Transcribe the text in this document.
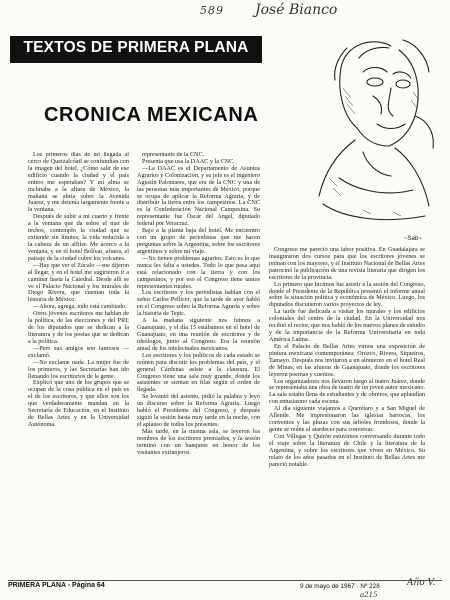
589 José Bianco
TEXTOS DE PRIMERA PLANA
~Sab~
CRONICA MEXICANA

Los primeros días de mi llegada al cerco de Quetzalcóatl se confundían con la imagen del hotel. ¿Cómo salir de ese edificio cuando la ciudad y el país entero me esperaban? Y mi alma se inclinaba a la altura de México, la mañana se abría sobre la Avenida Juárez, y me detenía largamente frente a la ventana.

Después de subir a mi cuarto y frente a la ventana que da sobre el mar de techos, contemplo la ciudad que se extiende sin límites; la vida reducida a la cabeza de un alfiler. Me acerco a la ventana, y en el hotel Bolívar, afuera, el paisaje de la ciudad cubre los volcanes.

—Hay que ver el Zócalo —me dijeron al llegar, y en el hotel me sugirieron ir a caminar hasta la Catedral. Desde allí se ve el Palacio Nacional y los murales de Diego Rivera, que cuentan toda la historia de México.

—Ahora, agrega, todo está cambiado.

Otros jóvenes escritores me hablan de la política, de las elecciones y del PRI; de los diputados que se dedican a la literatura y de los poetas que se dedican a la política.

—Pero sus amigos son famosos —exclamó.

—No exclame nada. La mujer fue de los primeros, y las Secretarías han ido llenando los escritorios de la gente.

Explicó que uno de los grupos que se ocupan de la cosa pública en el país es el de los escritores, y que ellos son los que verdaderamente mandan en la Secretaría de Educación, en el Instituto de Bellas Artes y en la Universidad Autónoma.

representante de la CNC.

Presenta que usa la DAAC y la CNC.

—La DAAC es el Departamento de Asuntos Agrarios y Colonización, y su jefe es el ingeniero Agustín Palomares, que era de la CNC y una de las personas más importantes de México, porque se ocupa de aplicar la Reforma Agraria, y de distribuir la tierra entre los campesinos. La CNC es la Confederación Nacional Campesina. Su representante fue Óscar del Angel, diputado federal por Veracruz.

Bajo a la planta baja del hotel. Me encuentro con un grupo de periodistas que me hacen preguntas sobre la Argentina, sobre los escritores argentinos y sobre mi viaje.

—No tienen problemas agrarios. Esto es lo que nunca les falta a ustedes. Todo lo que pasa aquí está relacionado con la tierra y con los campesinos, y por eso el Congreso tiene tantos representantes rurales.

Los escritores y los periodistas hablan con el señor Carlos Pellicer, que la tarde de ayer habló en el Congreso sobre la Reforma Agraria y sobre la historia de Tepic.

A la mañana siguiente nos fuimos a Guanajuato, y el día 15 estábamos en el hotel de Guanajuato, en una reunión de escritores y de ideólogos, junto al Congreso. Era la reunión anual de los intelectuales mexicanos.

Los escritores y los políticos de cada estado se reúnen para discutir los problemas del país, y el general Cárdenas asiste a la clausura. El Congreso tiene una sala muy grande, donde los asistentes se sientan en filas según el orden de llegada.

Se levantó del asiento, pidió la palabra y leyó un discurso sobre la Reforma Agraria. Luego habló el Presidente del Congreso, y después siguió la sesión hasta muy tarde en la noche, con el aplauso de todos los presentes.

Más tarde, en la misma sala, se leyeron los nombres de los escritores premiados, y la sesión terminó con un banquete en honor de los visitantes extranjeros.

Congreso me pareció una labor positiva. En Guadalajara se inauguraron dos cursos para que los escritores jóvenes se reúnan con los mayores, y el Instituto Nacional de Bellas Artes patrocinó la publicación de una revista literaria que dirigen los escritores de la provincia.

Lo primero que hicimos fue asistir a la sesión del Congreso, donde el Presidente de la República presentó el informe anual sobre la situación política y económica de México. Luego, los diputados discutieron varios proyectos de ley.

La tarde fue dedicada a visitar los murales y los edificios coloniales del centro de la ciudad. En la Universidad nos recibió el rector, que nos habló de los nuevos planes de estudio y de la importancia de la Reforma Universitaria en toda América Latina.

En el Palacio de Bellas Artes vimos una exposición de pintura mexicana contemporánea: Orozco, Rivera, Siqueiros, Tamayo. Después nos invitaron a un almuerzo en el hotel Real de Minas, en las afueras de Guanajuato, donde los escritores leyeron poemas y cuentos.

Los organizadores nos llevaron luego al teatro Juárez, donde se representaba una obra de teatro de un joven autor mexicano. La sala estaba llena de estudiantes y de obreros, que aplaudían con entusiasmo cada escena.

Al día siguiente viajamos a Querétaro y a San Miguel de Allende. Me impresionaron las iglesias barrocas, los conventos y las plazas con sus árboles frondosos, donde la gente se reúne al atardecer para conversar.

Con Villegas y Quirón estuvimos conversando durante todo el viaje sobre la literatura de Chile y la literatura de la Argentina, y sobre los escritores que viven en México. Su relato de los años pasados en el Instituto de Bellas Artes me pareció notable.

PRIMERA PLANA - Página 64	9 de mayo de 1967 · Nº 228	Año V.
a215
